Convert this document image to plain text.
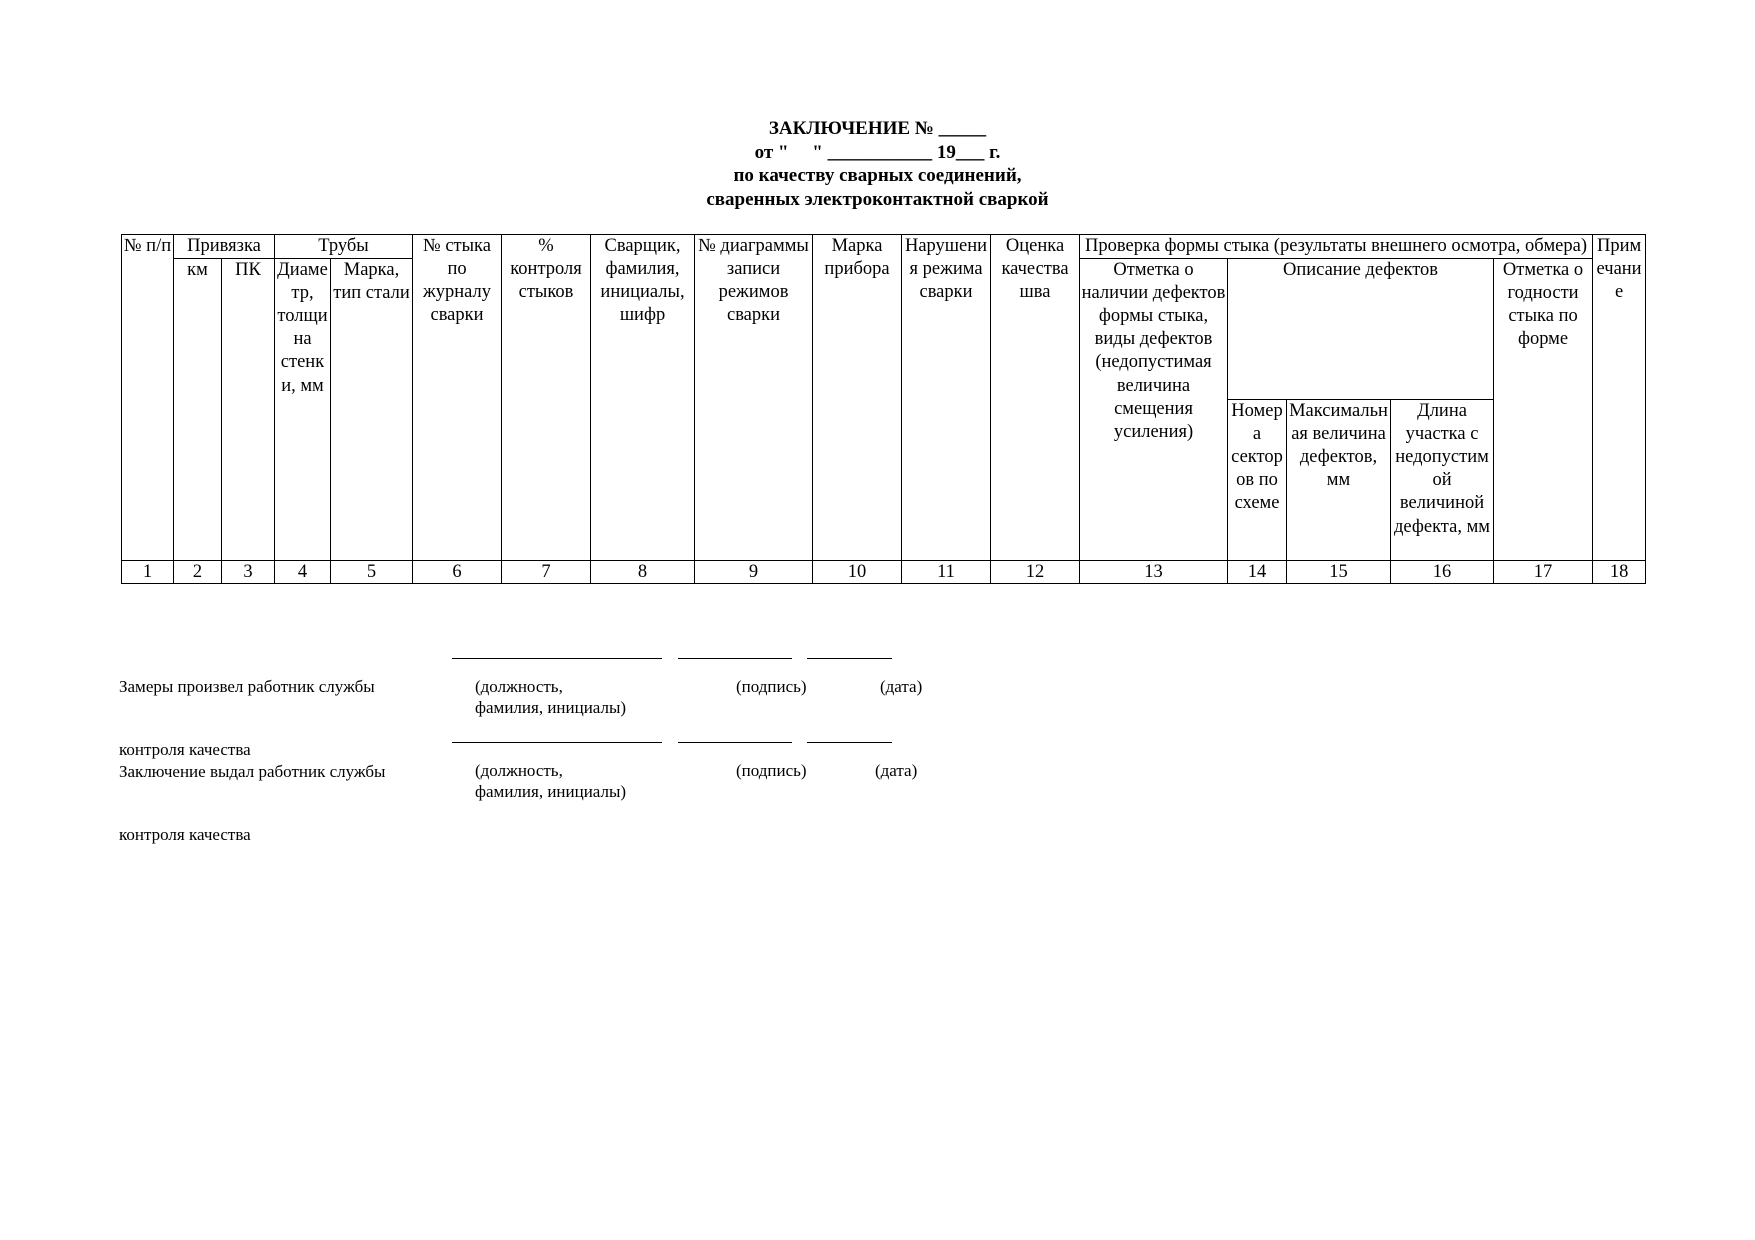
ЗАКЛЮЧЕНИЕ № _____
от "     " ___________ 19___ г.
по качеству сварных соединений,
сваренных электроконтактной сваркой
№ п/п	Привязка		Трубы		№ стыка по журналу сварки	% контроля стыков	Сварщик, фамилия, инициалы, шифр	№ диаграммы записи режимов сварки	Марка прибора	Нарушения режима сварки	Оценка качества шва	Проверка формы стыка (результаты внешнего осмотра, обмера)					Примечание
	км	ПК	Диаметр, толщина стенки, мм	Марка, тип стали								Отметка о наличии дефектов формы стыка, виды дефектов (недопустимая величина смещения усиления)	Описание дефектов			Отметка о годности стыка по форме	
													Номера секторов по схеме	Максимальная величина дефектов, мм	Длина участка с недопустимой величиной дефекта, мм		
1	2	3	4	5	6	7	8	9	10	11	12	13	14	15	16	17	18

Замеры произвел работник службы

контроля качества

(должность,
фамилия, инициалы)
(подпись)	(дата)

Заключение выдал работник службы

контроля качества

(должность,
фамилия, инициалы)
(подпись)	(дата)
